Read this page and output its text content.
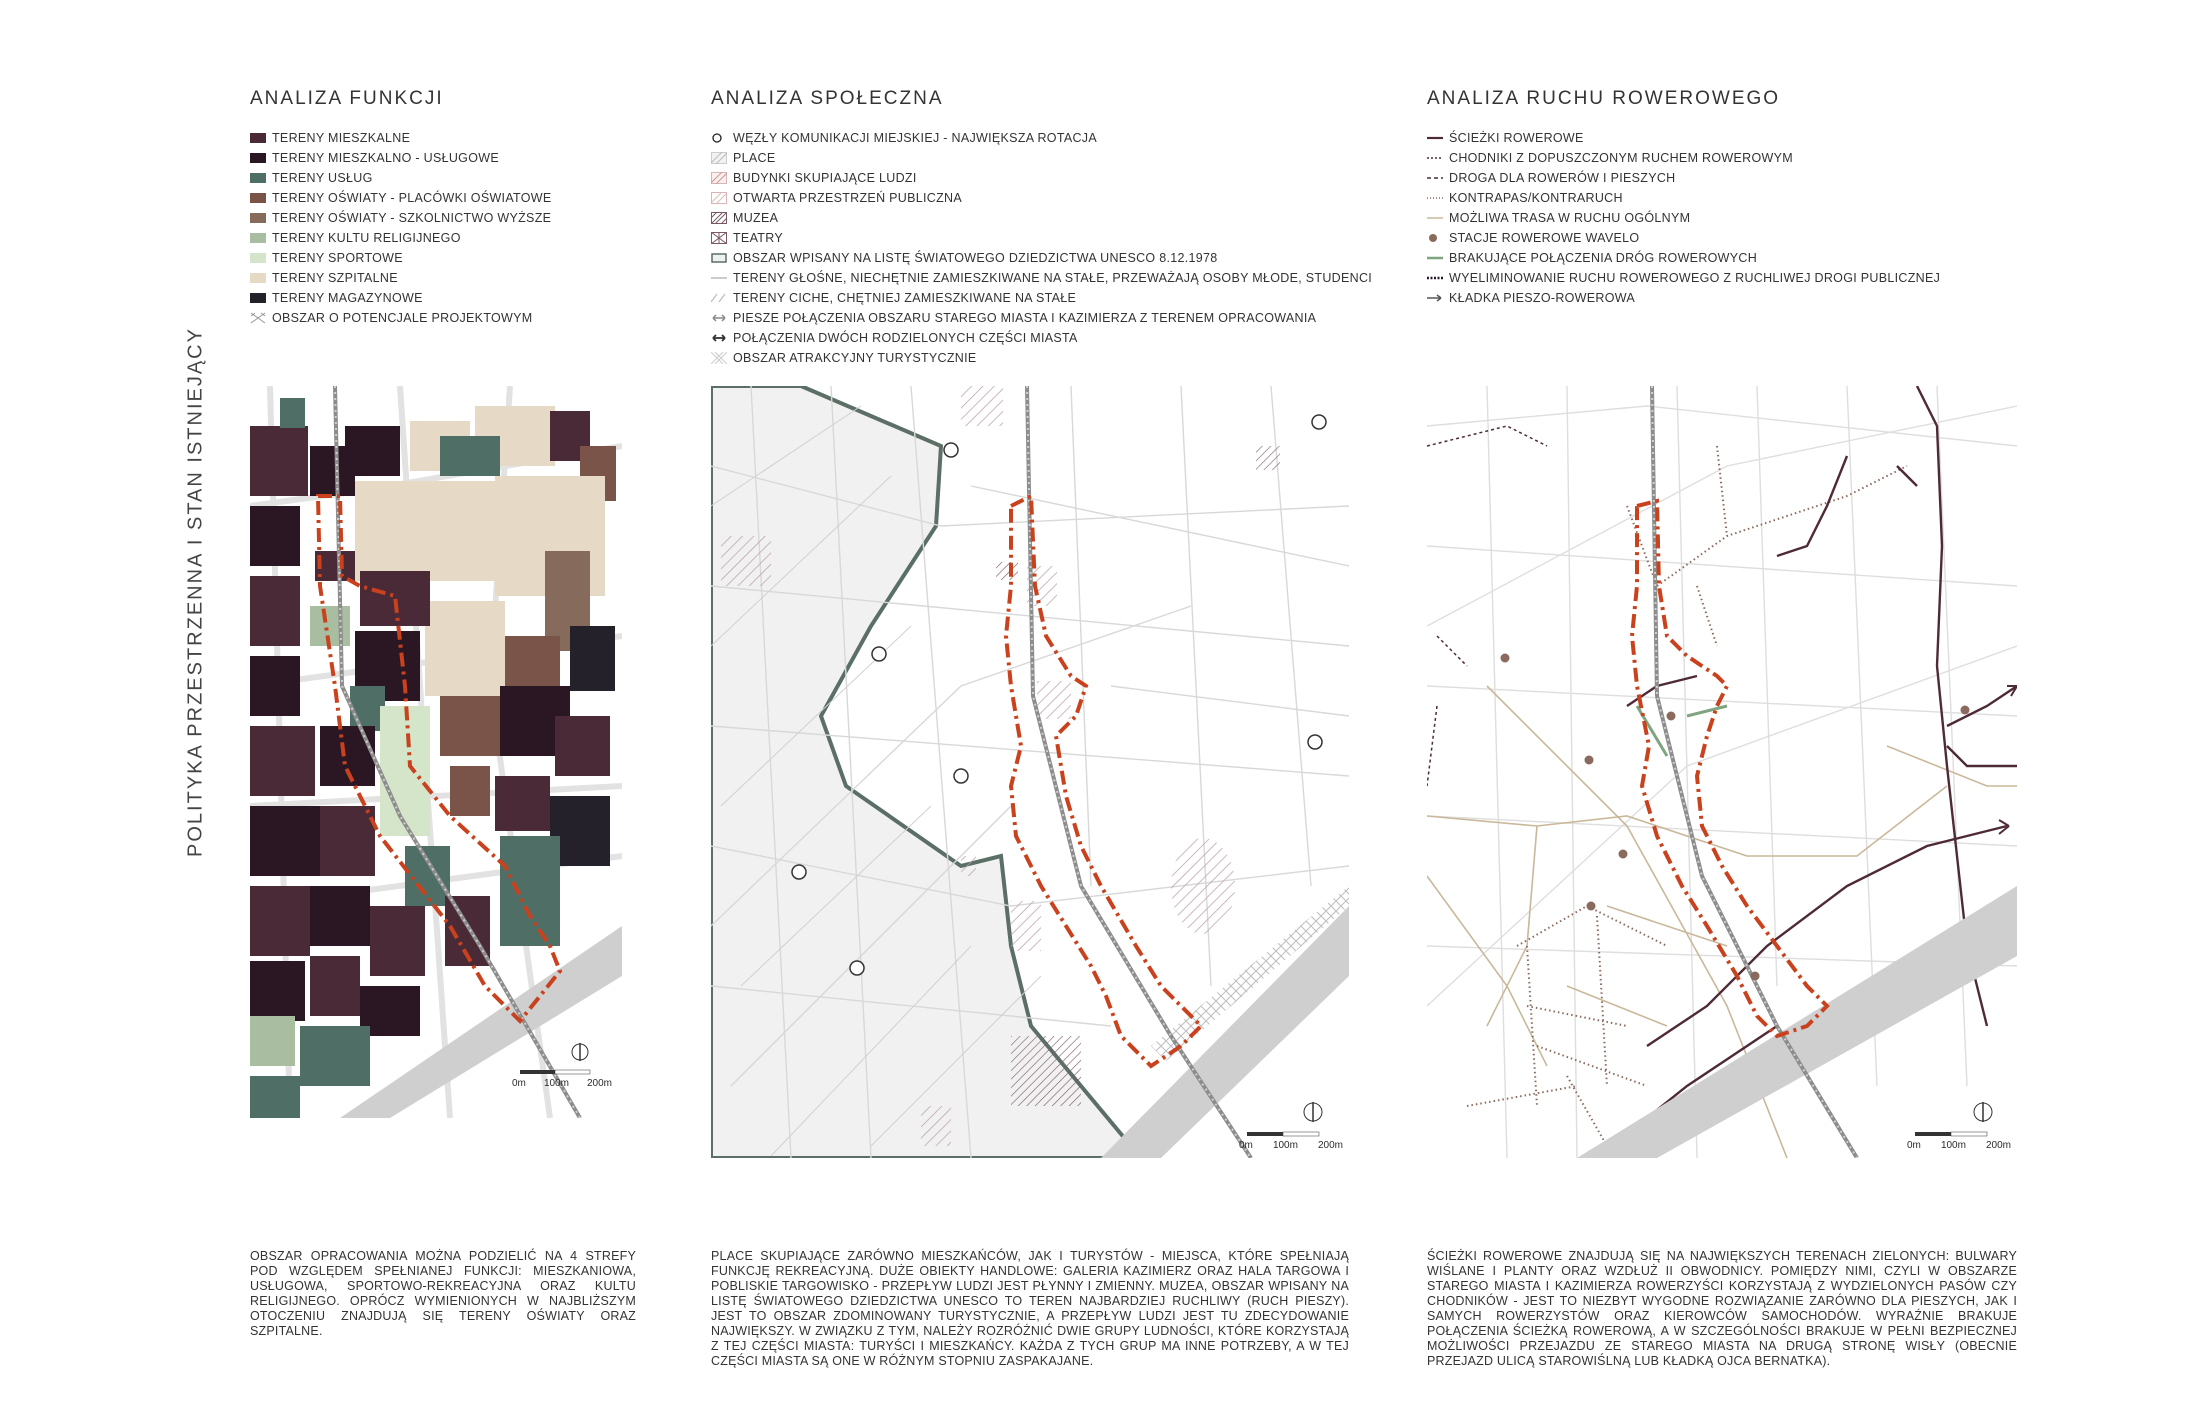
POLITYKA PRZESTRZENNA I STAN ISTNIEJĄCY
ANALIZA FUNKCJI
TERENY MIESZKALNE
TERENY MIESZKALNO - USŁUGOWE
TERENY USŁUG
TERENY OŚWIATY - PLACÓWKI OŚWIATOWE
TERENY OŚWIATY - SZKOLNICTWO WYŻSZE
TERENY KULTU RELIGIJNEGO
TERENY SPORTOWE
TERENY SZPITALNE
TERENY MAGAZYNOWE
OBSZAR O POTENCJALE PROJEKTOWYM
0m 100m 200m
OBSZAR OPRACOWANIA MOŻNA PODZIELIĆ NA 4 STREFY POD WZGLĘDEM SPEŁNIANEJ FUNKCJI: MIESZKANIOWA, USŁUGOWA, SPORTOWO-REKREACYJNA ORAZ KULTU RELIGIJNEGO. OPRÓCZ WYMIENIONYCH W NAJBLIŻSZYM OTOCZENIU ZNAJDUJĄ SIĘ TERENY OŚWIATY ORAZ SZPITALNE.
ANALIZA SPOŁECZNA
WĘZŁY KOMUNIKACJI MIEJSKIEJ - NAJWIĘKSZA ROTACJA
PLACE
BUDYNKI SKUPIAJĄCE LUDZI
OTWARTA PRZESTRZEŃ PUBLICZNA
MUZEA
TEATRY
OBSZAR WPISANY NA LISTĘ ŚWIATOWEGO DZIEDZICTWA UNESCO 8.12.1978
TERENY GŁOŚNE, NIECHĘTNIE ZAMIESZKIWANE NA STAŁE, PRZEWAŻAJĄ OSOBY MŁODE, STUDENCI
TERENY CICHE, CHĘTNIEJ ZAMIESZKIWANE NA STAŁE
PIESZE POŁĄCZENIA OBSZARU STAREGO MIASTA I KAZIMIERZA Z TERENEM OPRACOWANIA
POŁĄCZENIA DWÓCH RODZIELONYCH CZĘŚCI MIASTA
OBSZAR ATRAKCYJNY TURYSTYCZNIE
0m 100m 200m
PLACE SKUPIAJĄCE ZARÓWNO MIESZKAŃCÓW, JAK I TURYSTÓW - MIEJSCA, KTÓRE SPEŁNIAJĄ FUNKCJĘ REKREACYJNĄ. DUŻE OBIEKTY HANDLOWE: GALERIA KAZIMIERZ ORAZ HALA TARGOWA I POBLISKIE TARGOWISKO - PRZEPŁYW LUDZI JEST PŁYNNY I ZMIENNY. MUZEA, OBSZAR WPISANY NA LISTĘ ŚWIATOWEGO DZIEDZICTWA UNESCO TO TEREN NAJBARDZIEJ RUCHLIWY (RUCH PIESZY). JEST TO OBSZAR ZDOMINOWANY TURYSTYCZNIE, A PRZEPŁYW LUDZI JEST TU ZDECYDOWANIE NAJWIĘKSZY. W ZWIĄZKU Z TYM, NALEŻY ROZRÓŻNIĆ DWIE GRUPY LUDNOŚCI, KTÓRE KORZYSTAJĄ Z TEJ CZĘŚCI MIASTA: TURYŚCI I MIESZKAŃCY. KAŻDA Z TYCH GRUP MA INNE POTRZEBY, A W TEJ CZĘŚCI MIASTA SĄ ONE W RÓŻNYM STOPNIU ZASPAKAJANE.
ANALIZA RUCHU ROWEROWEGO
ŚCIEŻKI ROWEROWE
CHODNIKI Z DOPUSZCZONYM RUCHEM ROWEROWYM
DROGA DLA ROWERÓW I PIESZYCH
KONTRAPAS/KONTRARUCH
MOŻLIWA TRASA W RUCHU OGÓLNYM
STACJE ROWEROWE WAVELO
BRAKUJĄCE POŁĄCZENIA DRÓG ROWEROWYCH
WYELIMINOWANIE RUCHU ROWEROWEGO Z RUCHLIWEJ DROGI PUBLICZNEJ
KŁADKA PIESZO-ROWEROWA
0m 100m 200m
ŚCIEŻKI ROWEROWE ZNAJDUJĄ SIĘ NA NAJWIĘKSZYCH TERENACH ZIELONYCH: BULWARY WIŚLANE I PLANTY ORAZ WZDŁUŻ II OBWODNICY. POMIĘDZY NIMI, CZYLI W OBSZARZE STAREGO MIASTA I KAZIMIERZA ROWERZYŚCI KORZYSTAJĄ Z WYDZIELONYCH PASÓW CZY CHODNIKÓW - JEST TO NIEZBYT WYGODNE ROZWIĄZANIE ZARÓWNO DLA PIESZYCH, JAK I SAMYCH ROWERZYSTÓW ORAZ KIEROWCÓW SAMOCHODÓW. WYRAŹNIE BRAKUJE POŁĄCZENIA ŚCIEŻKĄ ROWEROWĄ, A W SZCZEGÓLNOŚCI BRAKUJE W PEŁNI BEZPIECZNEJ MOŻLIWOŚCI PRZEJAZDU ZE STAREGO MIASTA NA DRUGĄ STRONĘ WISŁY (OBECNIE PRZEJAZD ULICĄ STAROWIŚLNĄ LUB KŁADKĄ OJCA BERNATKA).
